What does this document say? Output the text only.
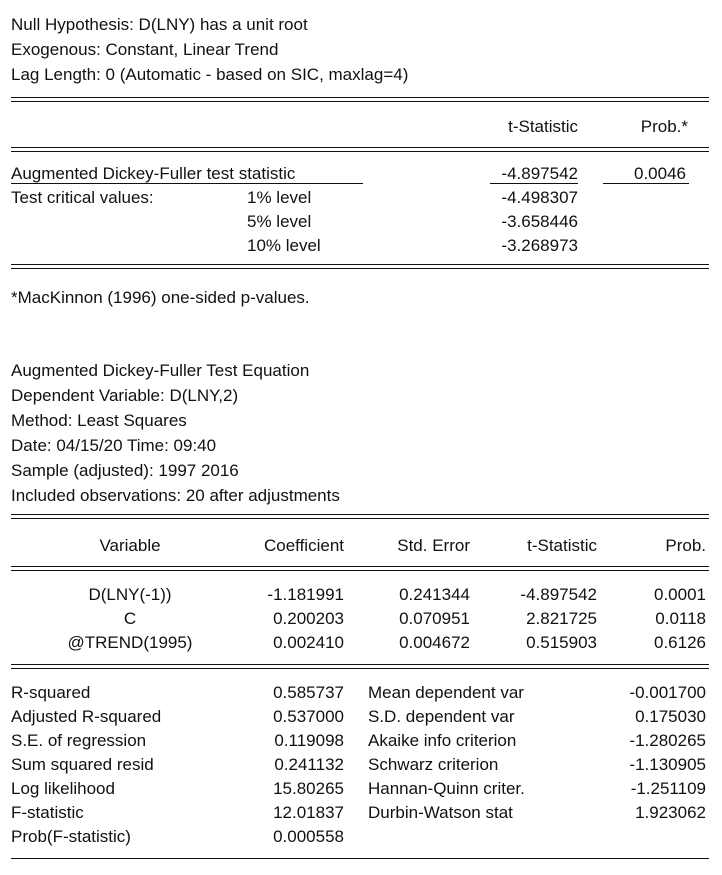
Null Hypothesis: D(LNY) has a unit root
Exogenous: Constant, Linear Trend
Lag Length: 0 (Automatic - based on SIC, maxlag=4)
t-Statistic	Prob.*
Augmented Dickey-Fuller test statistic	-4.897542	0.0046
Test critical values:	1% level	-4.498307
5% level	-3.658446
10% level	-3.268973
*MacKinnon (1996) one-sided p-values.
Augmented Dickey-Fuller Test Equation
Dependent Variable: D(LNY,2)
Method: Least Squares
Date: 04/15/20 Time: 09:40
Sample (adjusted): 1997 2016
Included observations: 20 after adjustments
Variable	Coefficient	Std. Error	t-Statistic	Prob.
D(LNY(-1))	-1.181991	0.241344	-4.897542	0.0001
C	0.200203	0.070951	2.821725	0.0118
@TREND(1995)	0.002410	0.004672	0.515903	0.6126
R-squared	0.585737 Mean dependent var	-0.001700
Adjusted R-squared	0.537000 S.D. dependent var	0.175030
S.E. of regression	0.119098 Akaike info criterion	-1.280265
Sum squared resid	0.241132 Schwarz criterion	-1.130905
Log likelihood	15.80265 Hannan-Quinn criter.	-1.251109
F-statistic	12.01837 Durbin-Watson stat	1.923062
Prob(F-statistic)	0.000558
